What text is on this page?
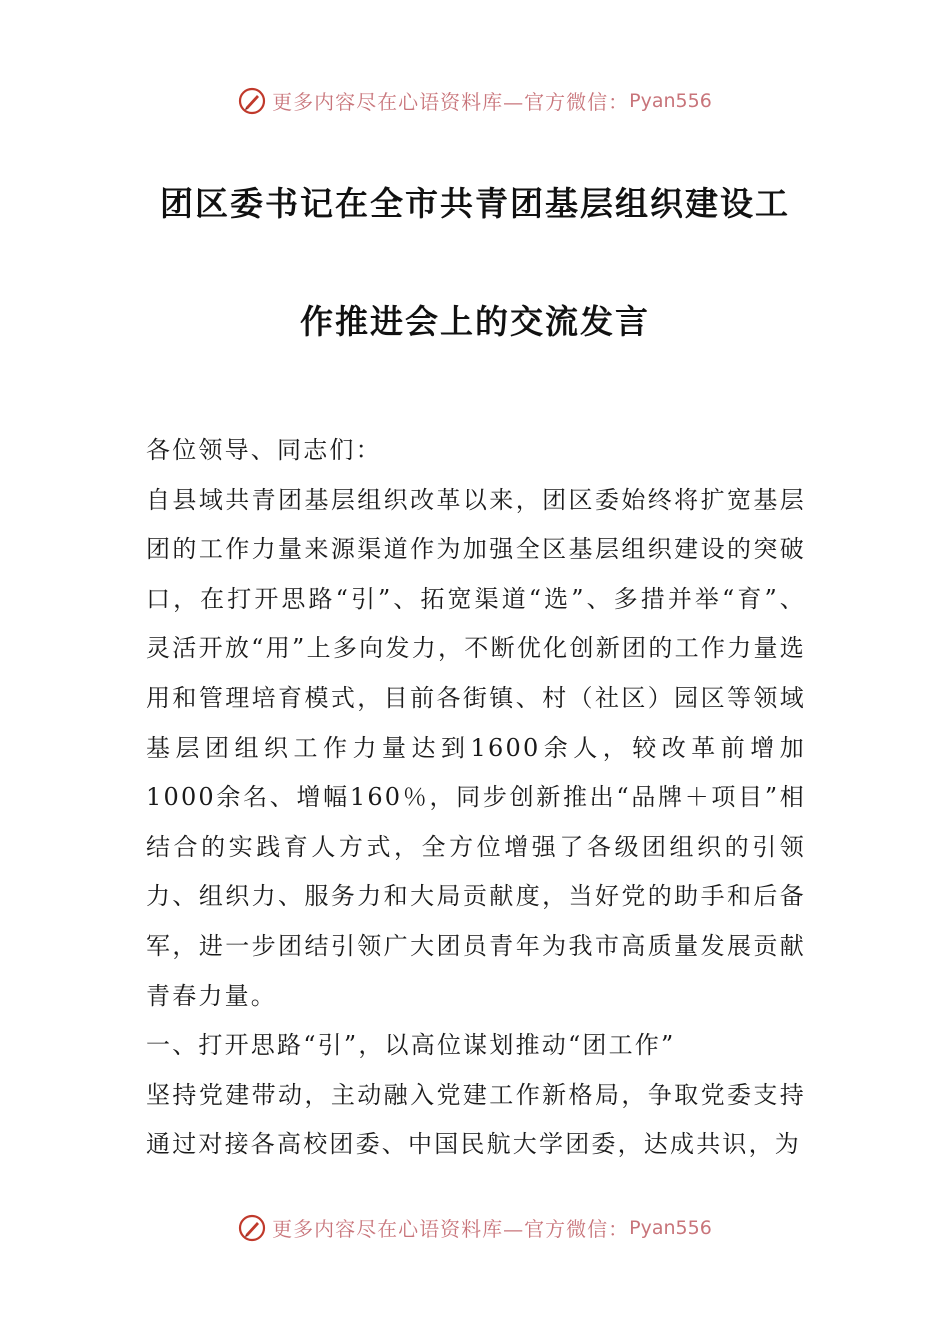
更多内容尽在心语资料库—官方微信： Pyan556
团区委书记在全市共青团基层组织建设工
作推进会上的交流发言

各位领导、同志们：

自县域共青团基层组织改革以来，团区委始终将扩宽基层团的工作力量来源渠道作为加强全区基层组织建设的突破口，在打开思路“引”、拓宽渠道“选”、多措并举“育”、灵活开放“用”上多向发力，不断优化创新团的工作力量选用和管理培育模式，目前各街镇、村（社区）园区等领域基层团组织工作力量达到1600余人，较改革前增加1000余名、增幅160％，同步创新推出“品牌＋项目”相结合的实践育人方式，全方位增强了各级团组织的引领力、组织力、服务力和大局贡献度，当好党的助手和后备军，进一步团结引领广大团员青年为我市高质量发展贡献青春力量。

一、打开思路“引”，以高位谋划推动“团工作”

坚持党建带动，主动融入党建工作新格局，争取党委支持通过对接各高校团委、中国民航大学团委，达成共识，为

更多内容尽在心语资料库—官方微信： Pyan556
